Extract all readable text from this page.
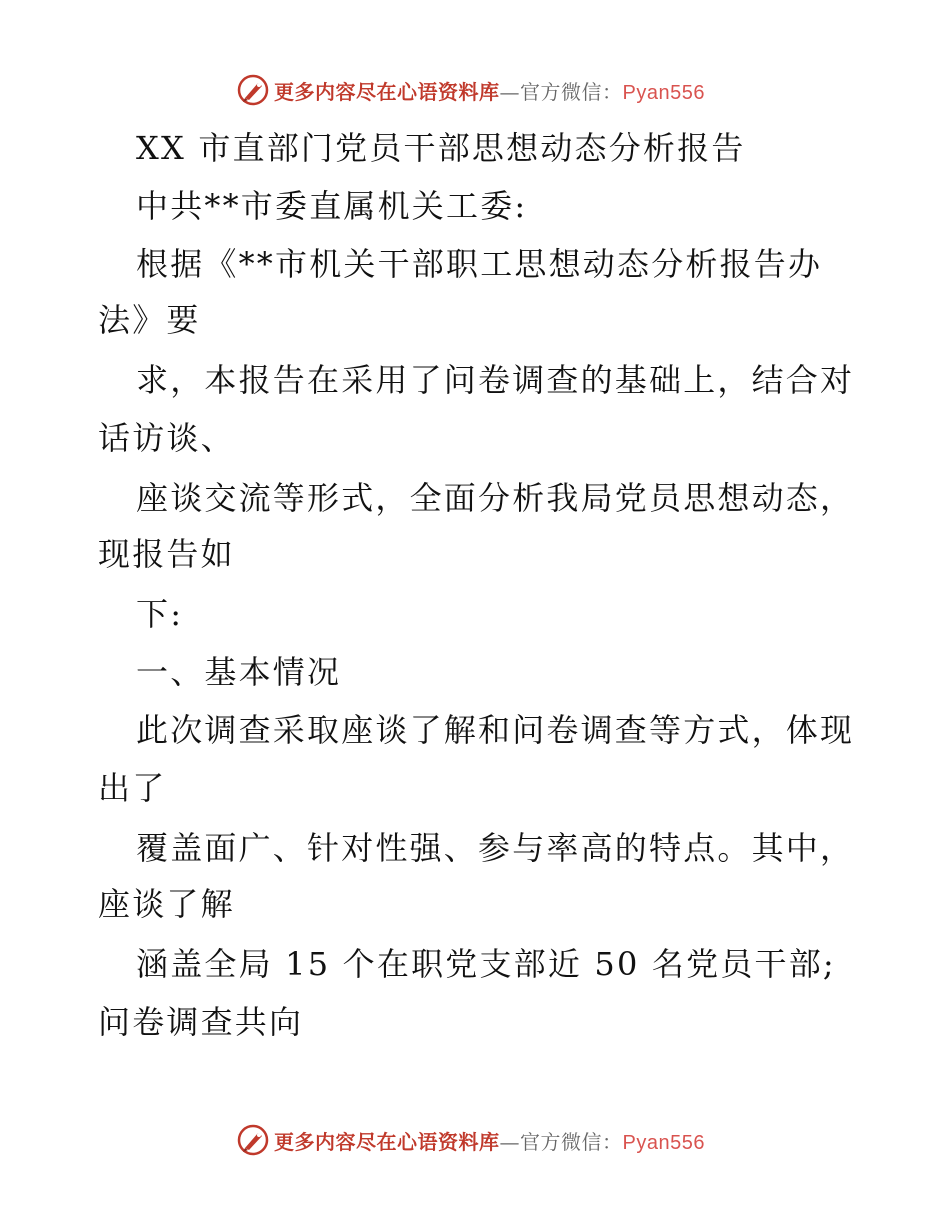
更多内容尽在心语资料库—官方微信：Pyan556
XX 市直部门党员干部思想动态分析报告
中共**市委直属机关工委:
根据《**市机关干部职工思想动态分析报告办
法》要
求，本报告在采用了问卷调查的基础上，结合对
话访谈、
座谈交流等形式，全面分析我局党员思想动态，
现报告如
下:
一、基本情况
此次调查采取座谈了解和问卷调查等方式，体现
出了
覆盖面广、针对性强、参与率高的特点。其中，
座谈了解
涵盖全局 15 个在职党支部近 50 名党员干部;
问卷调查共向
更多内容尽在心语资料库—官方微信：Pyan556
